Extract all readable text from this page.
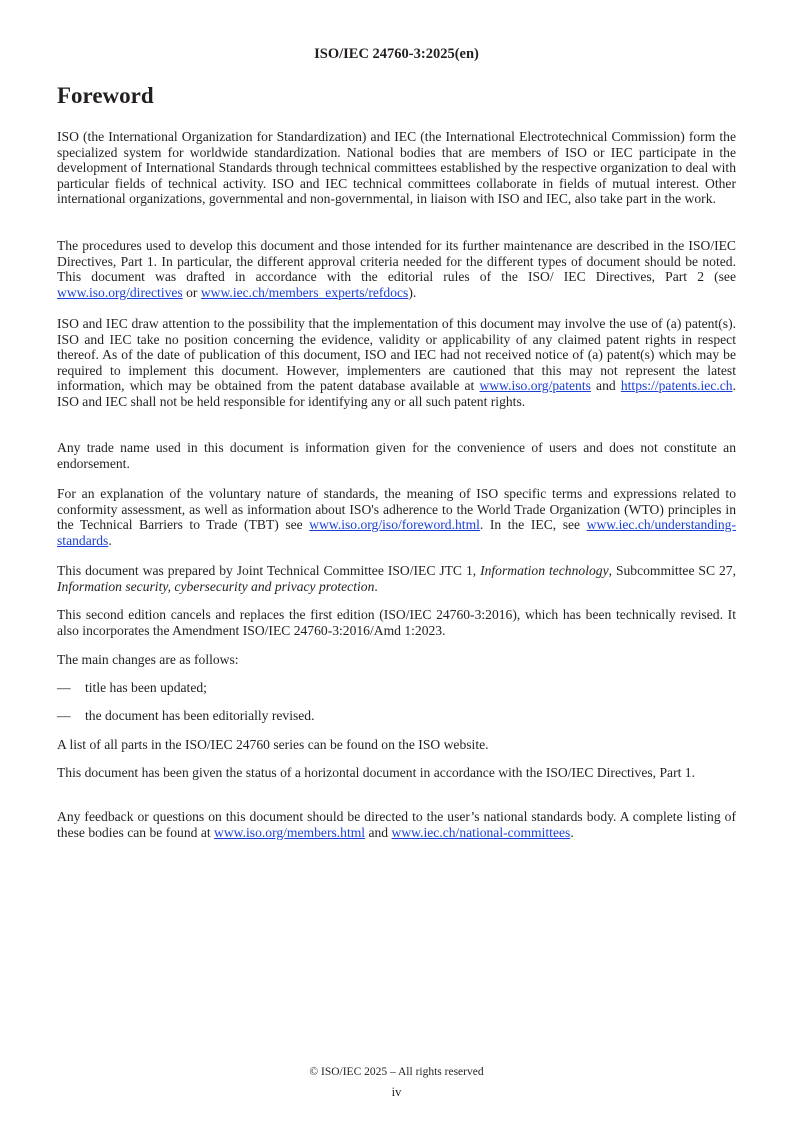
ISO/IEC 24760-3:2025(en)
Foreword

ISO (the International Organization for Standardization) and IEC (the International Electrotechnical Commission) form the specialized system for worldwide standardization. National bodies that are members of ISO or IEC participate in the development of International Standards through technical committees established by the respective organization to deal with particular fields of technical activity. ISO and IEC technical committees collaborate in fields of mutual interest. Other international organizations, governmental and non-governmental, in liaison with ISO and IEC, also take part in the work.

The procedures used to develop this document and those intended for its further maintenance are described in the ISO/IEC Directives, Part 1. In particular, the different approval criteria needed for the different types of document should be noted. This document was drafted in accordance with the editorial rules of the ISO/ IEC Directives, Part 2 (see www.iso.org/directives or www.iec.ch/members_experts/refdocs).

ISO and IEC draw attention to the possibility that the implementation of this document may involve the use of (a) patent(s). ISO and IEC take no position concerning the evidence, validity or applicability of any claimed patent rights in respect thereof. As of the date of publication of this document, ISO and IEC had not received notice of (a) patent(s) which may be required to implement this document. However, implementers are cautioned that this may not represent the latest information, which may be obtained from the patent database available at www.iso.org/patents and https://patents.iec.ch. ISO and IEC shall not be held responsible for identifying any or all such patent rights.

Any trade name used in this document is information given for the convenience of users and does not constitute an endorsement.

For an explanation of the voluntary nature of standards, the meaning of ISO specific terms and expressions related to conformity assessment, as well as information about ISO's adherence to the World Trade Organization (WTO) principles in the Technical Barriers to Trade (TBT) see www.iso.org/iso/foreword.html. In the IEC, see www.iec.ch/understanding-standards.

This document was prepared by Joint Technical Committee ISO/IEC JTC 1, Information technology, Subcommittee SC 27, Information security, cybersecurity and privacy protection.

This second edition cancels and replaces the first edition (ISO/IEC 24760-3:2016), which has been technically revised. It also incorporates the Amendment ISO/IEC 24760-3:2016/Amd 1:2023.

The main changes are as follows:

— title has been updated;

— the document has been editorially revised.

A list of all parts in the ISO/IEC 24760 series can be found on the ISO website.

This document has been given the status of a horizontal document in accordance with the ISO/IEC Directives, Part 1.

Any feedback or questions on this document should be directed to the user’s national standards body. A complete listing of these bodies can be found at www.iso.org/members.html and www.iec.ch/national-committees.

© ISO/IEC 2025 – All rights reserved
iv
